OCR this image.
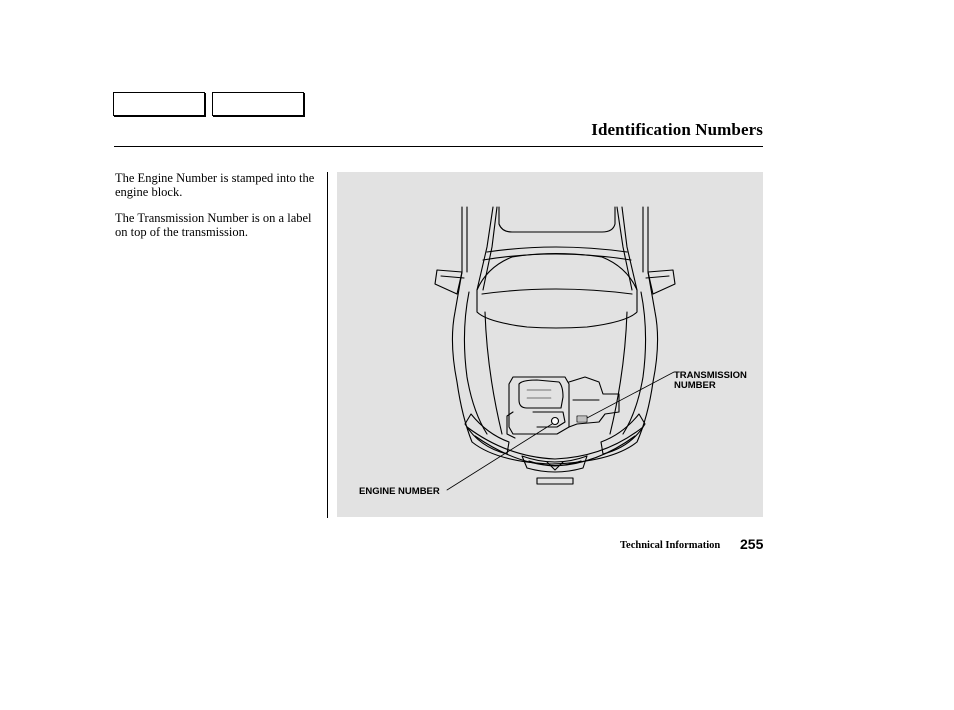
Identification Numbers
The Engine Number is stamped into the engine block.
The Transmission Number is on a label on top of the transmission.
TRANSMISSION
NUMBER
ENGINE NUMBER
Technical Information 255
